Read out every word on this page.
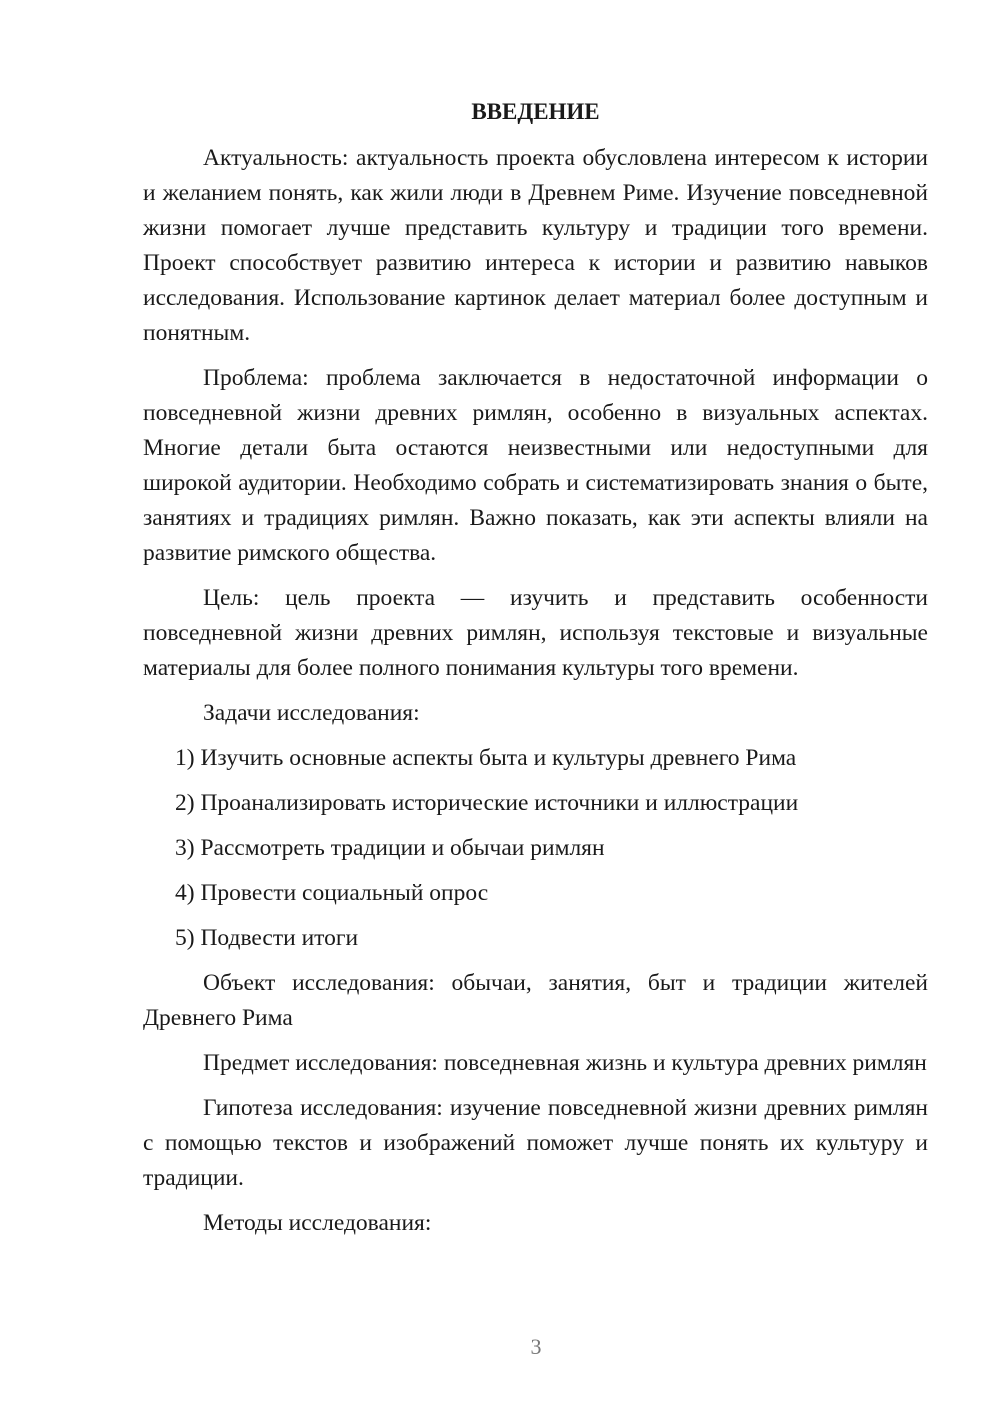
ВВЕДЕНИЕ

Актуальность: актуальность проекта обусловлена интересом к истории и желанием понять, как жили люди в Древнем Риме. Изучение повседневной жизни помогает лучше представить культуру и традиции того времени. Проект способствует развитию интереса к истории и развитию навыков исследования. Использование картинок делает материал более доступным и понятным.

Проблема: проблема заключается в недостаточной информации о повседневной жизни древних римлян, особенно в визуальных аспектах. Многие детали быта остаются неизвестными или недоступными для широкой аудитории. Необходимо собрать и систематизировать знания о быте, занятиях и традициях римлян. Важно показать, как эти аспекты влияли на развитие римского общества.

Цель: цель проекта — изучить и представить особенности повседневной жизни древних римлян, используя текстовые и визуальные материалы для более полного понимания культуры того времени.

Задачи исследования:

1) Изучить основные аспекты быта и культуры древнего Рима
2) Проанализировать исторические источники и иллюстрации
3) Рассмотреть традиции и обычаи римлян
4) Провести социальный опрос
5) Подвести итоги

Объект исследования: обычаи, занятия, быт и традиции жителей Древнего Рима

Предмет исследования: повседневная жизнь и культура древних римлян

Гипотеза исследования: изучение повседневной жизни древних римлян с помощью текстов и изображений поможет лучше понять их культуру и традиции.

Методы исследования:

3
